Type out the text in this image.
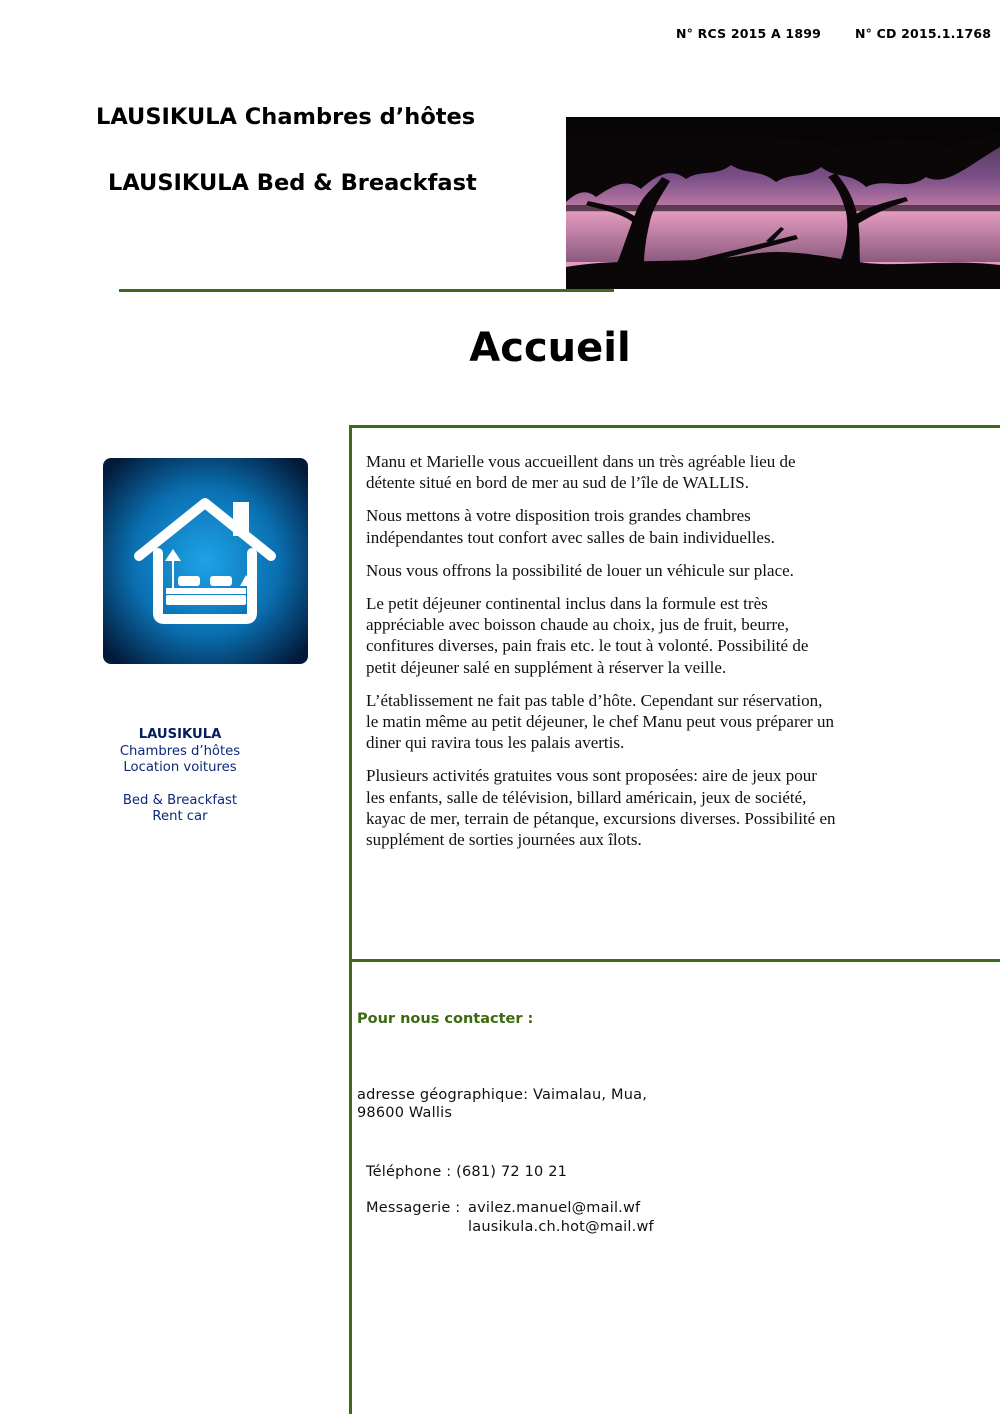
N° RCS 2015 A 1899	N° CD 2015.1.1768
LAUSIKULA Chambres d’hôtes
LAUSIKULA Bed & Breackfast
Accueil
LAUSIKULA
Chambres d’hôtes
Location voitures
Bed & Breackfast
Rent car

Manu et Marielle vous accueillent dans un très agréable lieu de détente situé en bord de mer au sud de l’île de WALLIS.

Nous mettons à votre disposition trois grandes chambres indépendantes tout confort avec salles de bain individuelles.

Nous vous offrons la possibilité de louer un véhicule sur place.

Le petit déjeuner continental inclus dans la formule est très appréciable avec boisson chaude au choix, jus de fruit, beurre, confitures diverses, pain frais etc. le tout à volonté. Possibilité de petit déjeuner salé en supplément à réserver la veille.

L’établissement ne fait pas table d’hôte. Cependant sur réservation, le matin même au petit déjeuner, le chef Manu peut vous préparer un diner qui ravira tous les palais avertis.

Plusieurs activités gratuites vous sont proposées: aire de jeux pour les enfants, salle de télévision, billard américain, jeux de société, kayac de mer, terrain de pétanque, excursions diverses. Possibilité en supplément de sorties journées aux îlots.

Pour nous contacter :
adresse géographique: Vaimalau, Mua,
98600 Wallis
Téléphone : (681) 72 10 21
Messagerie : avilez.manuel@mail.wf
lausikula.ch.hot@mail.wf
